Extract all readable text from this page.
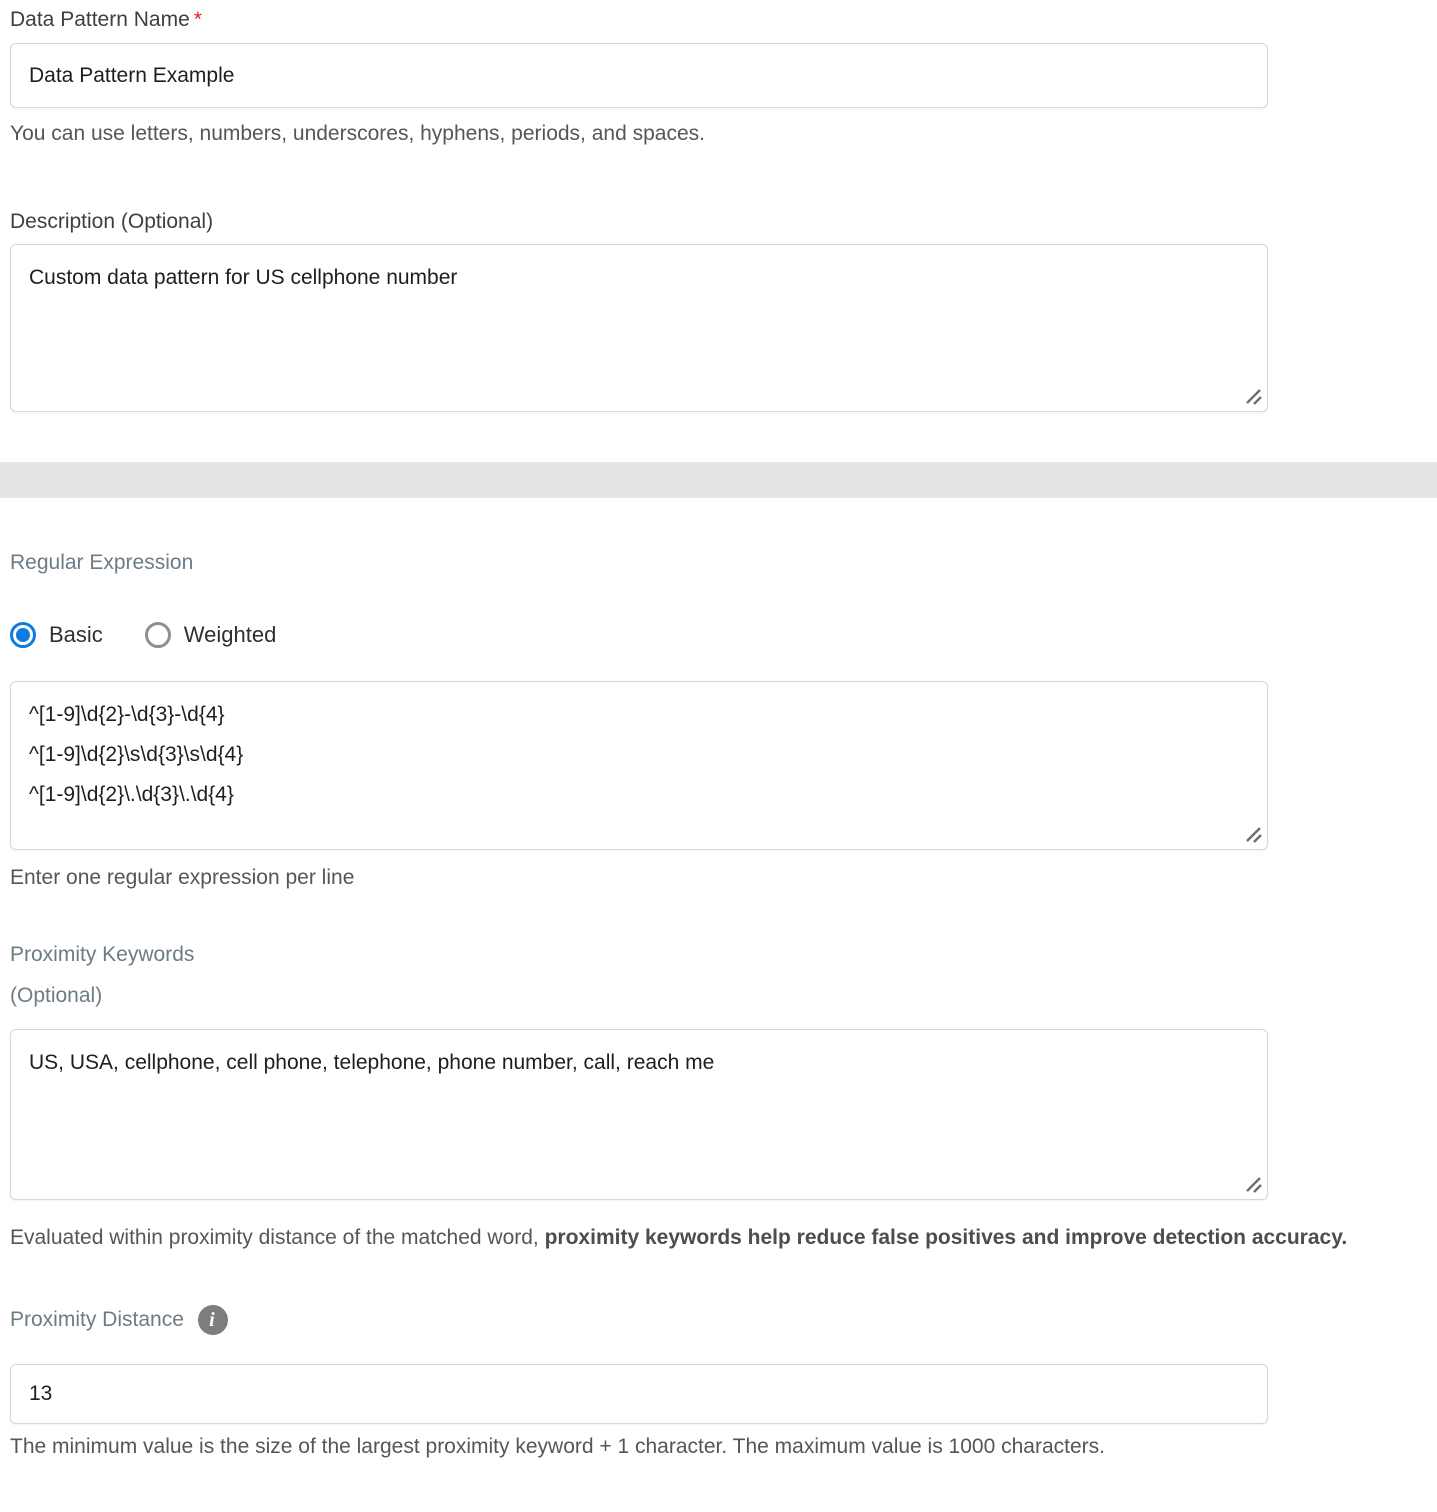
Data Pattern Name *
Data Pattern Example
You can use letters, numbers, underscores, hyphens, periods, and spaces.
Description (Optional)
Custom data pattern for US cellphone number
Regular Expression
Basic	Weighted
^[1-9]\d{2}-\d{3}-\d{4} ^[1-9]\d{2}\s\d{3}\s\d{4} ^[1-9]\d{2}\.\d{3}\.\d{4}
Enter one regular expression per line
Proximity Keywords
(Optional)
US, USA, cellphone, cell phone, telephone, phone number, call, reach me
Evaluated within proximity distance of the matched word, proximity keywords help reduce false positives and improve detection accuracy.
Proximity Distance	i
13
The minimum value is the size of the largest proximity keyword + 1 character. The maximum value is 1000 characters.
